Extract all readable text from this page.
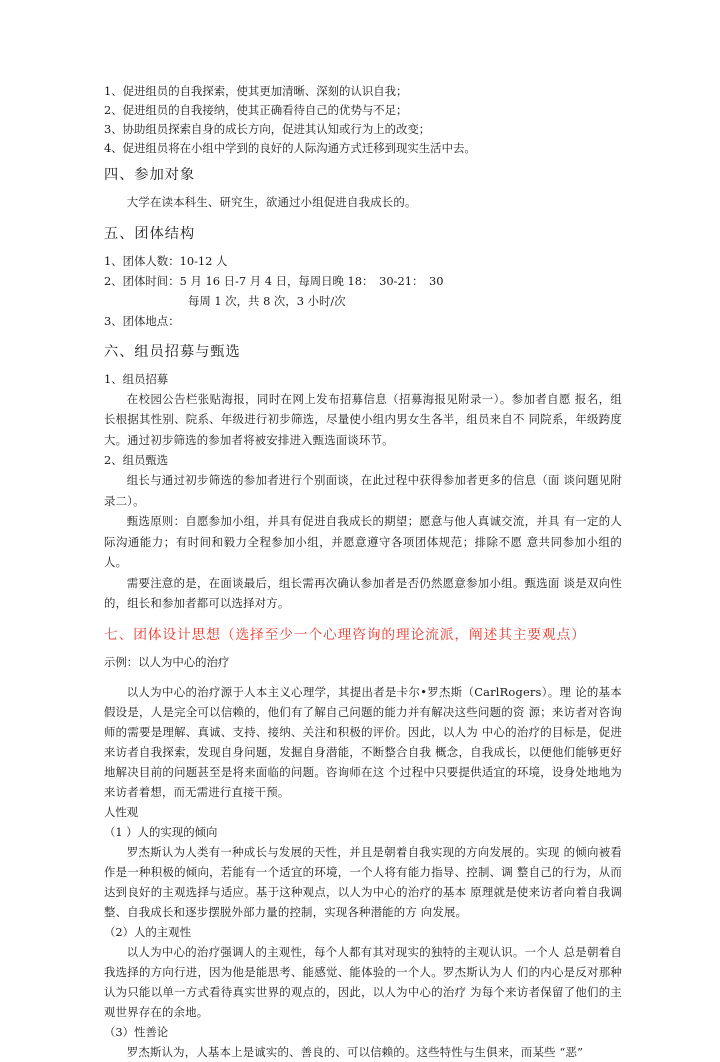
1、促进组员的自我探索，使其更加清晰、深刻的认识自我；
2、促进组员的自我接纳，使其正确看待自己的优势与不足；
3、协助组员探索自身的成长方向，促进其认知或行为上的改变；
4、促进组员将在小组中学到的良好的人际沟通方式迁移到现实生活中去。
四、参加对象
大学在读本科生、研究生，欲通过小组促进自我成长的。
五、团体结构
1、团体人数：10-12 人
2、团体时间：5 月 16 日-7 月 4 日，每周日晚 18：　30-21：　30
每周 1 次，共 8 次，3 小时/次
3、团体地点：
六、组员招募与甄选
1、组员招募
在校园公告栏张贴海报，同时在网上发布招募信息（招募海报见附录一）。参加者自愿 报名，组长根据其性别、院系、年级进行初步筛选，尽量使小组内男女生各半，组员来自不 同院系，年级跨度大。通过初步筛选的参加者将被安排进入甄选面谈环节。
2、组员甄选
组长与通过初步筛选的参加者进行个别面谈，在此过程中获得参加者更多的信息（面 谈问题见附录二）。
甄选原则：自愿参加小组，并具有促进自我成长的期望；愿意与他人真诚交流，并具 有一定的人际沟通能力；有时间和毅力全程参加小组，并愿意遵守各项团体规范；排除不愿 意共同参加小组的人。
需要注意的是，在面谈最后，组长需再次确认参加者是否仍然愿意参加小组。甄选面 谈是双向性的，组长和参加者都可以选择对方。
七、团体设计思想（选择至少一个心理咨询的理论流派，阐述其主要观点）
示例：以人为中心的治疗
以人为中心的治疗源于人本主义心理学，其提出者是卡尔•罗杰斯（CarlRogers）。理 论的基本假设是，人是完全可以信赖的，他们有了解自己问题的能力并有解决这些问题的资 源；来访者对咨询师的需要是理解、真诚、支持、接纳、关注和积极的评价。因此，以人为 中心的治疗的目标是，促进来访者自我探索，发现自身问题，发掘自身潜能，不断整合自我 概念，自我成长，以便他们能够更好地解决目前的问题甚至是将来面临的问题。咨询师在这 个过程中只要提供适宜的环境，设身处地地为来访者着想，而无需进行直接干预。
人性观
（1 ）人的实现的倾向
罗杰斯认为人类有一种成长与发展的天性，并且是朝着自我实现的方向发展的。实现 的倾向被看作是一种积极的倾向，若能有一个适宜的环境，一个人将有能力指导、控制、调 整自己的行为，从而达到良好的主观选择与适应。基于这种观点，以人为中心的治疗的基本 原理就是使来访者向着自我调整、自我成长和逐步摆脱外部力量的控制，实现各种潜能的方 向发展。
（2）人的主观性
以人为中心的治疗强调人的主观性，每个人都有其对现实的独特的主观认识。一个人 总是朝着自我选择的方向行进，因为他是能思考、能感觉、能体验的一个人。罗杰斯认为人 们的内心是反对那种认为只能以单一方式看待真实世界的观点的，因此，以人为中心的治疗 为每个来访者保留了他们的主观世界存在的余地。
（3）性善论
罗杰斯认为，人基本上是诚实的、善良的、可以信赖的。这些特性与生俱来，而某些 “恶”
